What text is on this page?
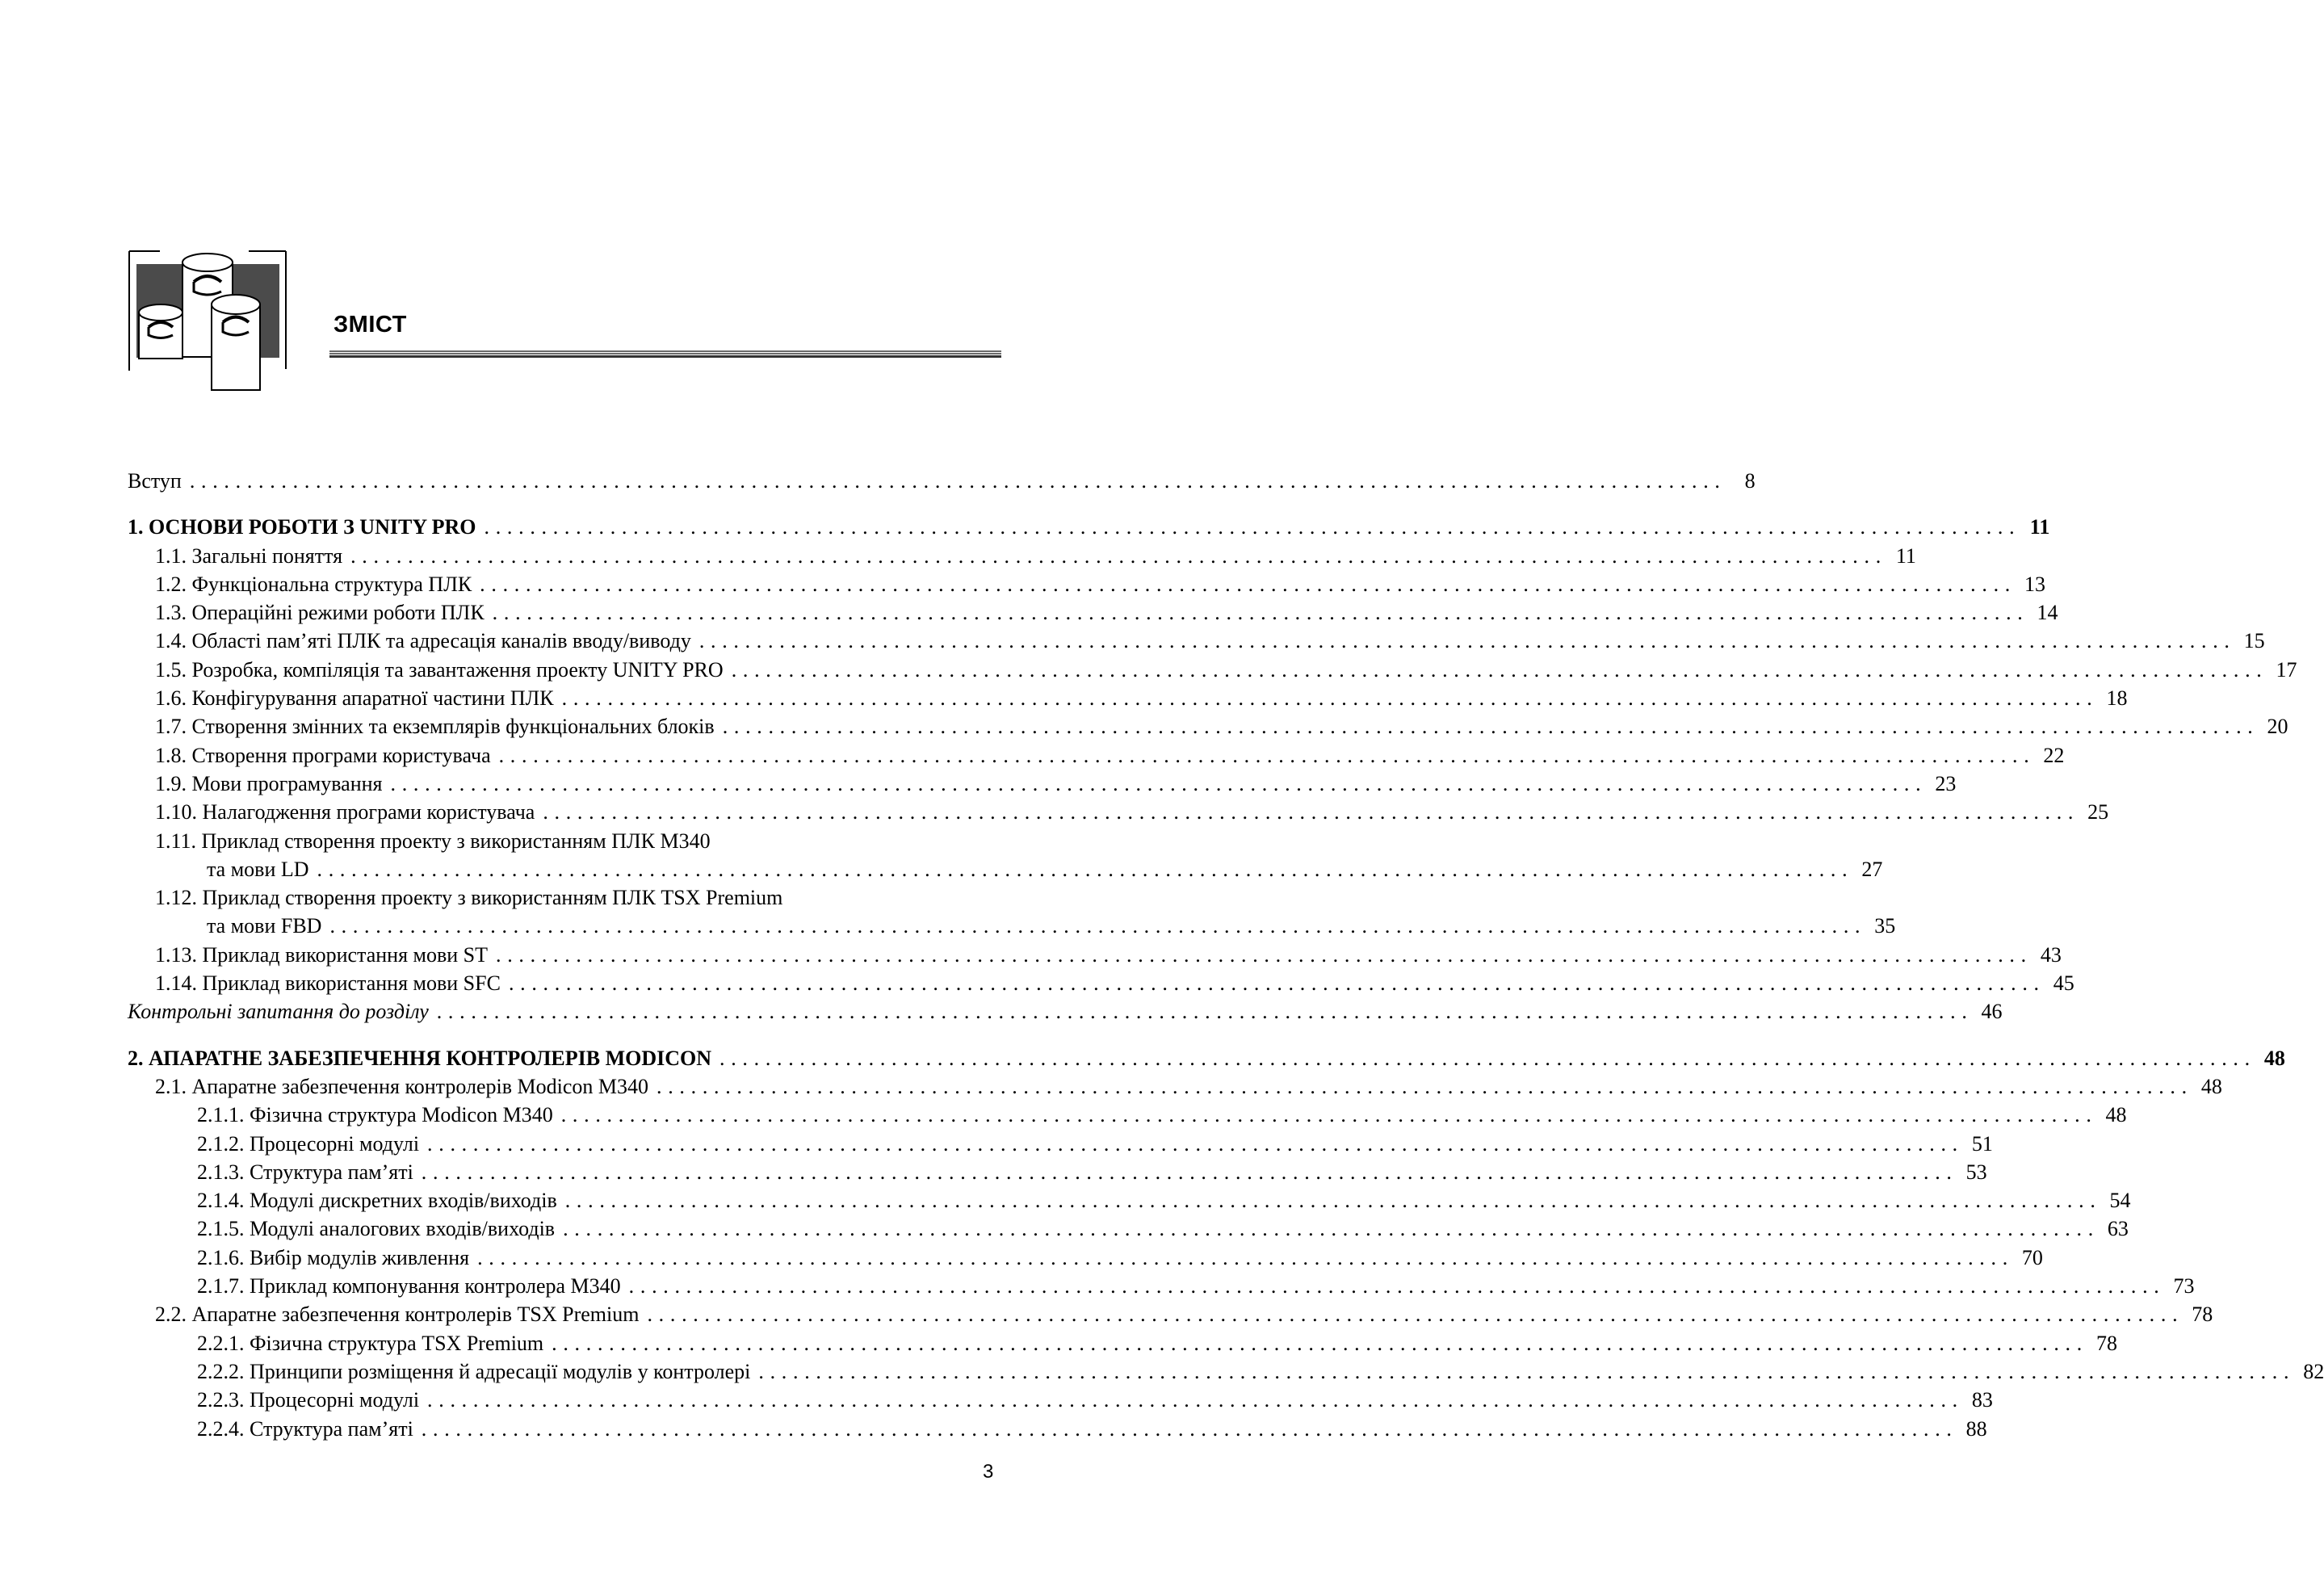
ЗМІСТ
Вступ ...................................................................................................................................... 8
1. ОСНОВИ РОБОТИ З UNITY PRO ...................................................................................................................................... 11
1.1. Загальні поняття ...................................................................................................................................... 11
1.2. Функціональна структура ПЛК ...................................................................................................................................... 13
1.3. Операційні режими роботи ПЛК ...................................................................................................................................... 14
1.4. Області пам’яті ПЛК та адресація каналів вводу/виводу ...................................................................................................................................... 15
1.5. Розробка, компіляція та завантаження проекту UNITY PRO ...................................................................................................................................... 17
1.6. Конфігурування апаратної частини ПЛК ...................................................................................................................................... 18
1.7. Створення змінних та екземплярів функціональних блоків ...................................................................................................................................... 20
1.8. Створення програми користувача ...................................................................................................................................... 22
1.9. Мови програмування ...................................................................................................................................... 23
1.10. Налагодження програми користувача ...................................................................................................................................... 25
1.11. Приклад створення проекту з використанням ПЛК M340
та мови LD ...................................................................................................................................... 27
1.12. Приклад створення проекту з використанням ПЛК TSX Premium
та мови FBD ...................................................................................................................................... 35
1.13. Приклад використання мови ST ...................................................................................................................................... 43
1.14. Приклад використання мови SFC ...................................................................................................................................... 45
Контрольні запитання до розділу ...................................................................................................................................... 46
2. АПАРАТНЕ ЗАБЕЗПЕЧЕННЯ КОНТРОЛЕРІВ MODICON ...................................................................................................................................... 48
2.1. Апаратне забезпечення контролерів Modicon M340 ...................................................................................................................................... 48
2.1.1. Фізична структура Modicon M340 ...................................................................................................................................... 48
2.1.2. Процесорні модулі ...................................................................................................................................... 51
2.1.3. Структура пам’яті ...................................................................................................................................... 53
2.1.4. Модулі дискретних входів/виходів ...................................................................................................................................... 54
2.1.5. Модулі аналогових входів/виходів ...................................................................................................................................... 63
2.1.6. Вибір модулів живлення ...................................................................................................................................... 70
2.1.7. Приклад компонування контролера M340 ...................................................................................................................................... 73
2.2. Апаратне забезпечення контролерів TSX Premium ...................................................................................................................................... 78
2.2.1. Фізична структура TSX Premium ...................................................................................................................................... 78
2.2.2. Принципи розміщення й адресації модулів у контролері ...................................................................................................................................... 82
2.2.3. Процесорні модулі ...................................................................................................................................... 83
2.2.4. Структура пам’яті ...................................................................................................................................... 88
3
